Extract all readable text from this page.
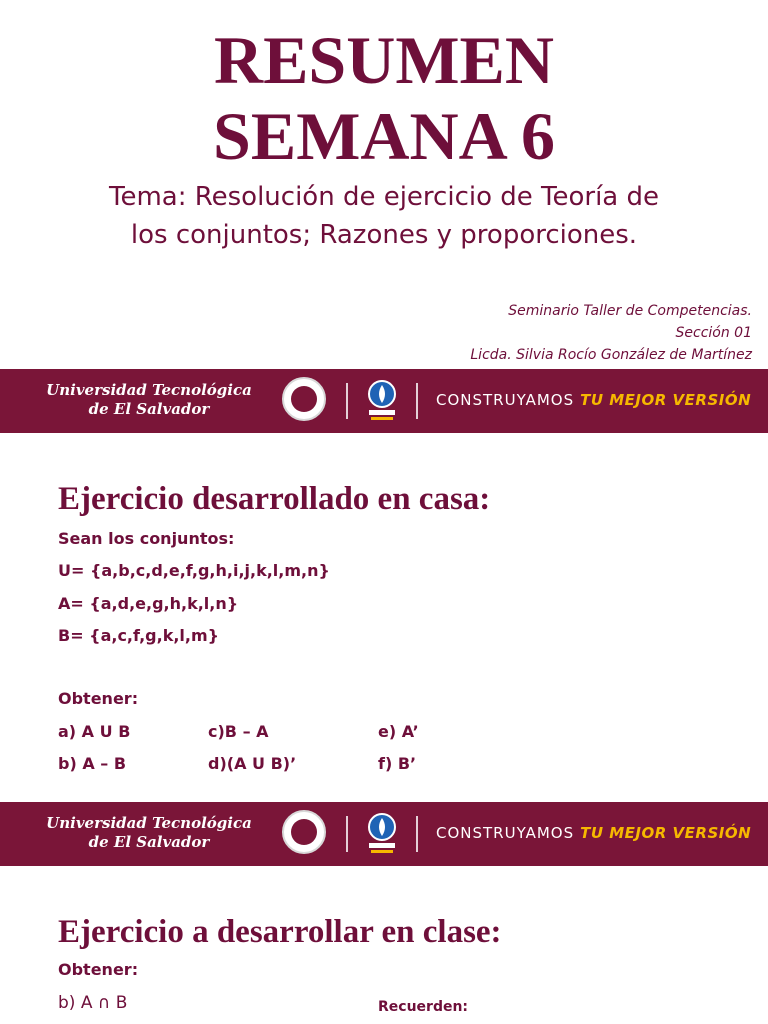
RESUMEN
SEMANA 6
Tema: Resolución de ejercicio de Teoría de
los conjuntos; Razones y proporciones.
Seminario Taller de Competencias.
Sección 01
Licda. Silvia Rocío González de Martínez
Universidad Tecnológica
de El Salvador	CONSTRUYAMOS TU MEJOR VERSIÓN
Ejercicio desarrollado en casa:
Sean los conjuntos:
U= {a,b,c,d,e,f,g,h,i,j,k,l,m,n}
A= {a,d,e,g,h,k,l,n}
B= {a,c,f,g,k,l,m}
Obtener:
a) A U B	c)B – A	e) A’
b) A – B	d)(A U B)’	f) B’
Universidad Tecnológica
de El Salvador	CONSTRUYAMOS TU MEJOR VERSIÓN
Ejercicio a desarrollar en clase:
Obtener:
b) A ∩ B	Recuerden:
